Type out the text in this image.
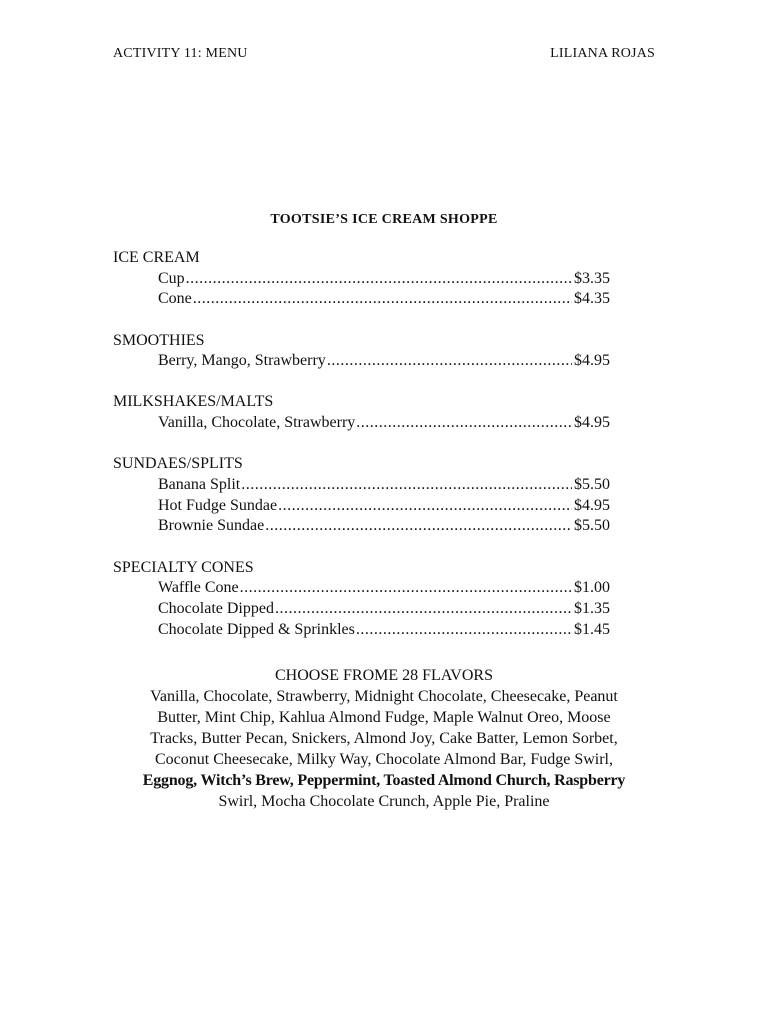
ACTIVITY 11: MENU	LILIANA ROJAS
TOOTSIE’S ICE CREAM SHOPPE
ICE CREAM
Cup .....	$3.35
Cone .....	$4.35
SMOOTHIES
Berry, Mango, Strawberry .....	$4.95
MILKSHAKES/MALTS
Vanilla, Chocolate, Strawberry .....	$4.95
SUNDAES/SPLITS
Banana Split .....	$5.50
Hot Fudge Sundae .....	$4.95
Brownie Sundae .....	$5.50
SPECIALTY CONES
Waffle Cone .....	$1.00
Chocolate Dipped .....	$1.35
Chocolate Dipped & Sprinkles .....	$1.45
CHOOSE FROME 28 FLAVORS
Vanilla, Chocolate, Strawberry, Midnight Chocolate, Cheesecake, Peanut
Butter, Mint Chip, Kahlua Almond Fudge, Maple Walnut Oreo, Moose
Tracks, Butter Pecan, Snickers, Almond Joy, Cake Batter, Lemon Sorbet,
Coconut Cheesecake, Milky Way, Chocolate Almond Bar, Fudge Swirl,
Eggnog, Witch’s Brew, Peppermint, Toasted Almond Church, Raspberry
Swirl, Mocha Chocolate Crunch, Apple Pie, Praline
